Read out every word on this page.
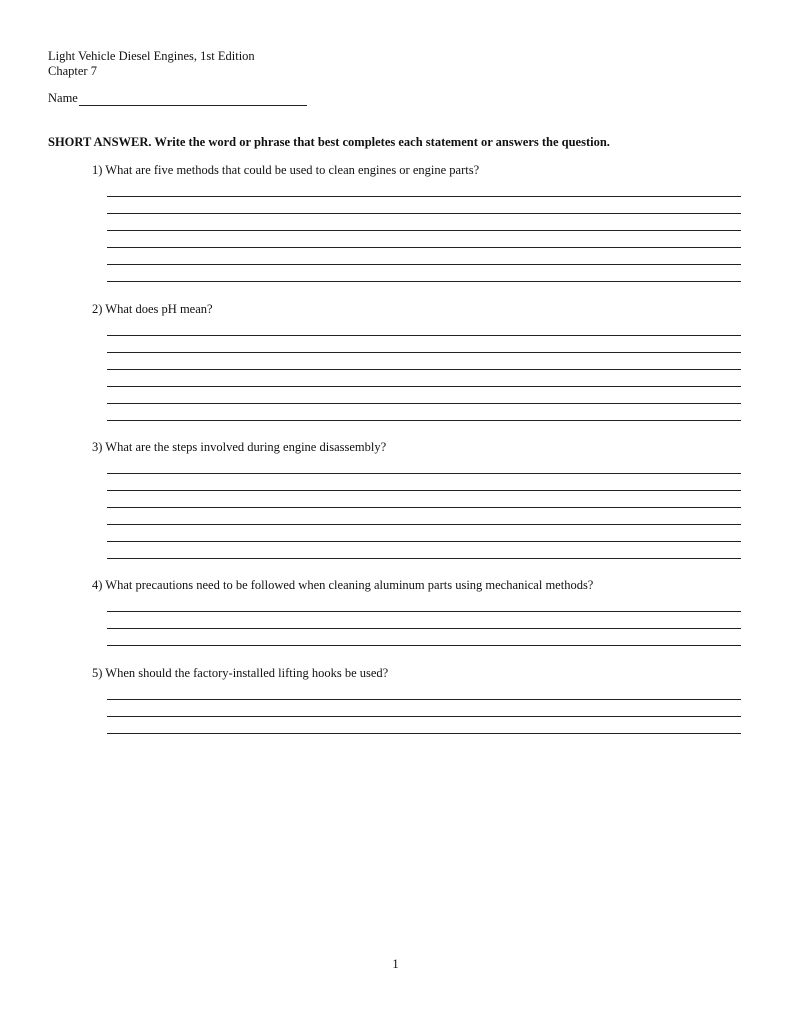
Light Vehicle Diesel Engines, 1st Edition
Chapter 7
Name
SHORT ANSWER. Write the word or phrase that best completes each statement or answers the question.
1) What are five methods that could be used to clean engines or engine parts?
2) What does pH mean?
3) What are the steps involved during engine disassembly?
4) What precautions need to be followed when cleaning aluminum parts using mechanical methods?
5) When should the factory-installed lifting hooks be used?
1
